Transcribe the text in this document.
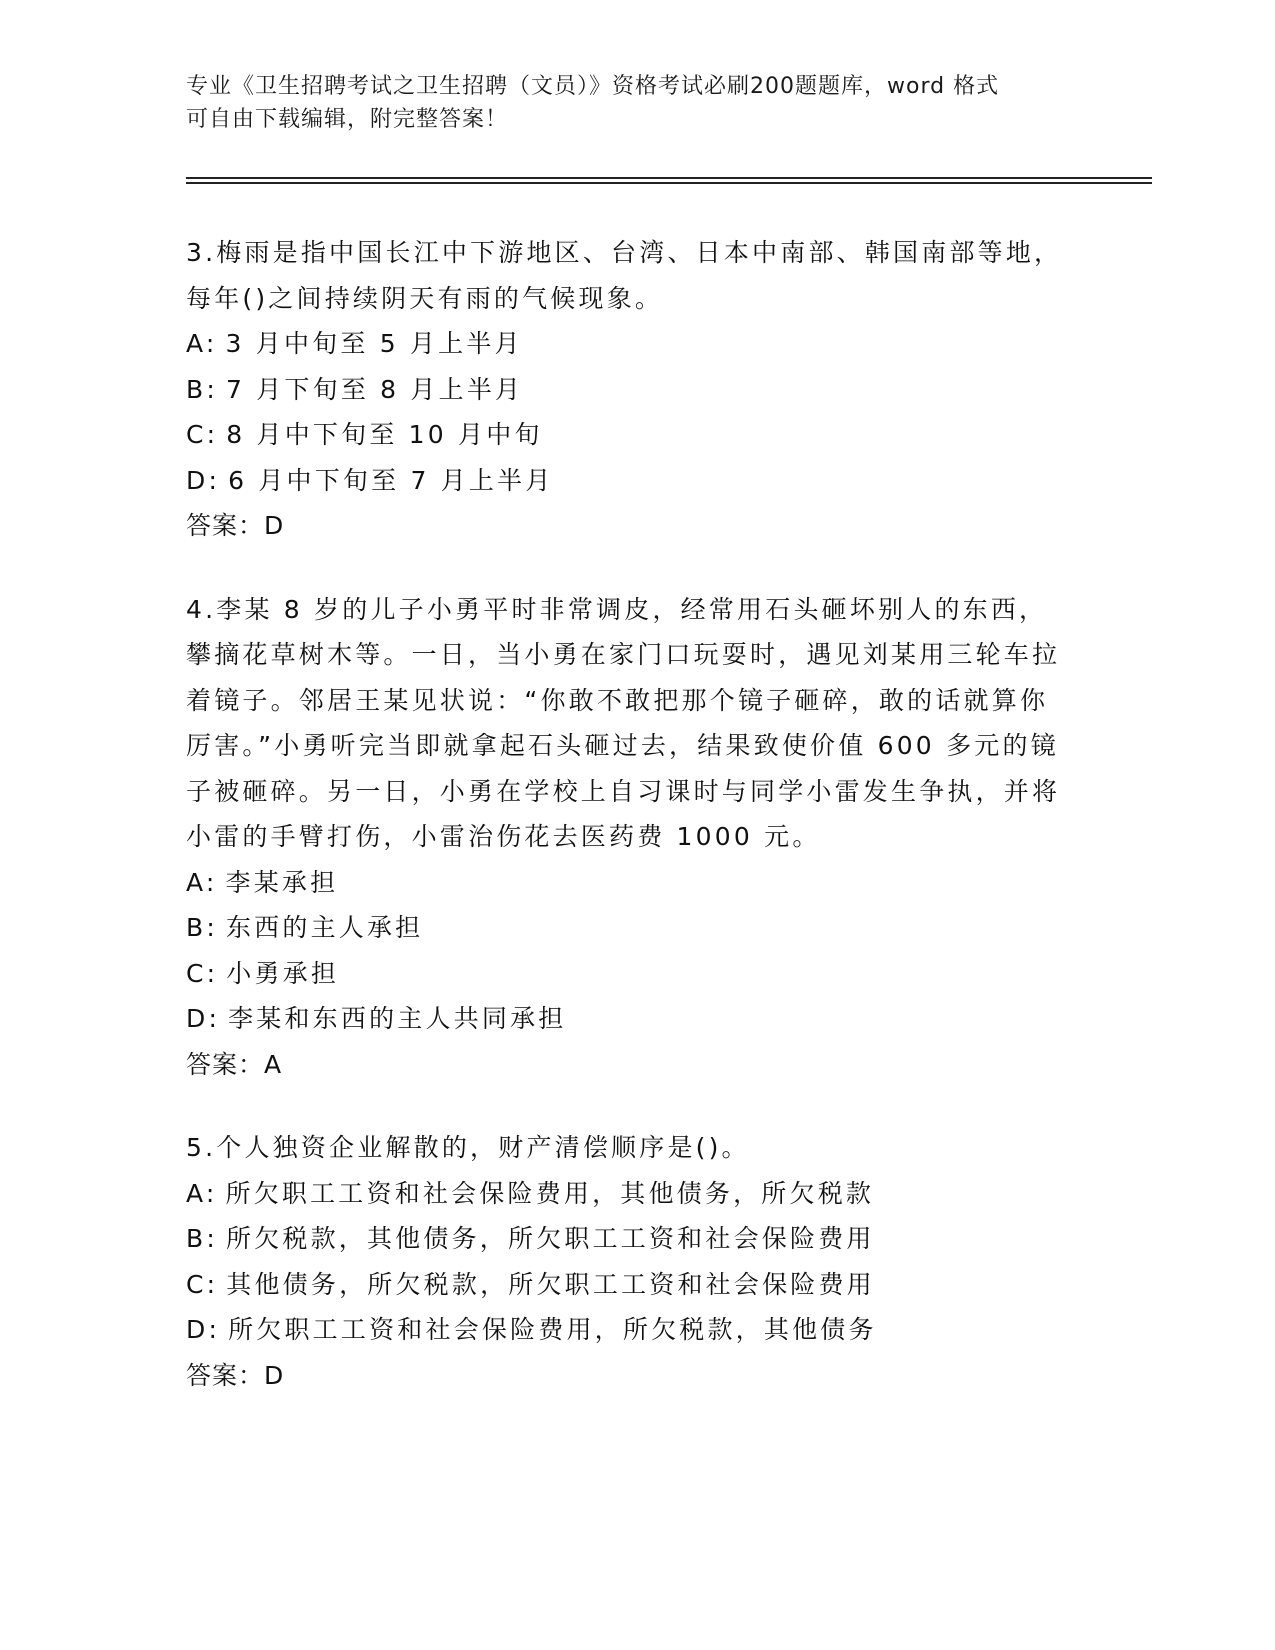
专业《卫生招聘考试之卫生招聘（文员）》资格考试必刷200题题库，word 格式
可自由下载编辑，附完整答案！

3.梅雨是指中国长江中下游地区、台湾、日本中南部、韩国南部等地，每年()之间持续阴天有雨的气候现象。

A: 3 月中旬至 5 月上半月
B: 7 月下旬至 8 月上半月
C: 8 月中下旬至 10 月中旬
D: 6 月中下旬至 7 月上半月
答案：D

4.李某 8 岁的儿子小勇平时非常调皮，经常用石头砸坏别人的东西，攀摘花草树木等。一日，当小勇在家门口玩耍时，遇见刘某用三轮车拉着镜子。邻居王某见状说：“你敢不敢把那个镜子砸碎，敢的话就算你厉害。”小勇听完当即就拿起石头砸过去，结果致使价值 600 多元的镜子被砸碎。另一日，小勇在学校上自习课时与同学小雷发生争执，并将小雷的手臂打伤，小雷治伤花去医药费 1000 元。

A: 李某承担
B: 东西的主人承担
C: 小勇承担
D: 李某和东西的主人共同承担
答案：A

5.个人独资企业解散的，财产清偿顺序是()。

A: 所欠职工工资和社会保险费用，其他债务，所欠税款
B: 所欠税款，其他债务，所欠职工工资和社会保险费用
C: 其他债务，所欠税款，所欠职工工资和社会保险费用
D: 所欠职工工资和社会保险费用，所欠税款，其他债务
答案：D
